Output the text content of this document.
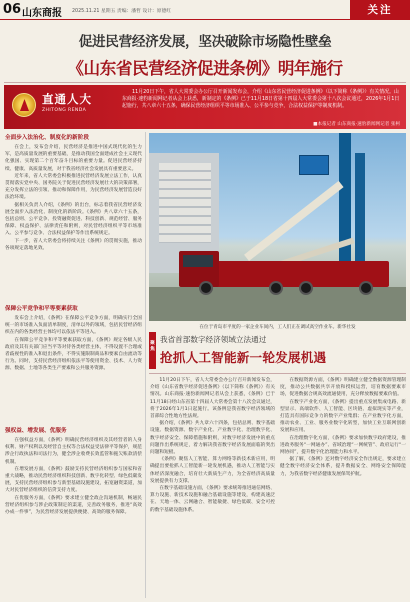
06 山东商报 2025.11.21 星期五 责编：潘哲 设计：原德红	关注
促进民营经济发展，坚决破除市场隐性壁垒
《山东省民营经济促进条例》明年施行
直通人大
ZHITONG RENDA
11月20日下午，省人大常委会办公厅召开新闻发布会，介绍《山东省民营经济促进条例》（以下简称《条例》）有关情况。山东商报·速豹新闻网记者从会上获悉，新制定的《条例》已于11月18日省第十四届人大常委会第十八次会议通过，2026年1月1日起施行，共八章六十五条，确保民营经济组织平等市场准入、公平参与竞争，合法权益保护等制度机制。
■本报记者 山东商报·速豹新闻网记者 张柯
全面步入法治化、制度化的新阶段

在会上，发布会介绍，民营经济是推进中国式现代化的生力军，是高质量发展的重要基础，是推动我国全面建成社会主义现代化强国、实现第二个百年奋斗目标的重要力量。促进民营经济持续、健康、高质量发展，对于我省经济社会发展具有重要意义。

近年来，省人大常委会积极推进民营经济发展立法工作，认真贯彻落实党中央、国务院关于促进民营经济发展壮大的决策部署，充分发挥立法的引领、推动和保障作用，为民营经济发展营造良好法治环境。

据相关负责人介绍，《条例》的出台，标志着我省民营经济发展全面步入法治化、制度化的新阶段。《条例》共八章六十五条，包括总则、公平竞争、投资融资促进、科技创新、规范经营、服务保障、权益保护、法律责任和附则，对民营经济组织平等市场准入、公平参与竞争、合法权益保护等作出系统规定。

下一步，省人大常委会将持续关注《条例》的贯彻实施，推动各项规定落地见效。

保障公平竞争和平等要素获取

发布会上介绍，《条例》在保障公平竞争方面，明确实行全国统一的市场准入负面清单制度，清单以外的领域，包括民营经济组织在内的各类经营主体均可以依法平等进入。

在保障公平竞争和平等要素获取方面，《条例》规定各级人民政府及其有关部门应当平等对待各类经营主体，不得设置不合理或者歧视性的准入和退出条件，不得实施限制商品和要素自由流动等行为。同时，支持民营经济组织依法平等使用资金、技术、人力资源、数据、土地等各类生产要素和公共服务资源。

强权益、增发展、优服务

在强权益方面，《条例》明确民营经济组织及其经营者的人身权利、财产权利以及经营自主权等合法权益受法律平等保护，规范涉企行政执法和司法行为，健全涉企收费长效监管和拖欠账款清偿机制。

在增发展方面，《条例》鼓励支持民营经济组织参与国家和省重大战略，推动民营经济组织科技创新、数字化转型、绿色低碳发展，支持民营经济组织参与新型基础设施建设，拓宽融资渠道，加大对民营经济组织的信贷支持力度。

在优服务方面，《条例》要求建立健全政企沟通机制，畅通民营经济组织参与涉企政策制定的渠道，完善政务服务，推进“高效办成一件事”，为民营经济发展提供便捷、高效的服务保障。

在位于青岛市平度的一家企业车间内，工人们正在调试高空作业车。新华社发
聚焦
我省首部数字经济领域立法通过
抢抓人工智能新一轮发展机遇

11月20日下午，省人大常委会办公厅召开新闻发布会，介绍《山东省数字经济促进条例》（以下简称《条例》）有关情况。山东商报·速豹新闻网记者从会上获悉，《条例》已于11月18日经山东省第十四届人大常委会第十八次会议通过，将于2026年1月1日起施行。该条例是我省数字经济领域的首部综合性地方性法规。

据介绍，《条例》共九章六十四条，包括总则、数字基础设施、数据资源、数字产业化、产业数字化、治理数字化、数字经济安全、保障措施和附则，对数字经济发展中的重点问题作出系统规定，着力解决我省数字经济发展面临的突出问题和短板。

《条例》聚焦人工智能、算力网络等新技术新应用，明确提出要抢抓人工智能新一轮发展机遇，推动人工智能与实体经济深度融合，培育壮大新质生产力，为全省经济高质量发展提供有力支撑。

在数字基础设施方面，《条例》要求统筹推进通信网络、算力设施、新技术设施和融合基础设施等建设，构建高速泛在、天地一体、云网融合、智能敏捷、绿色低碳、安全可控的数字基础设施体系。

在数据资源方面，《条例》明确建立健全数据资源管理制度，推动公共数据共享开放和授权运营，培育数据要素市场，促进数据合规高效流通使用，充分释放数据要素价值。

在数字产业化方面，《条例》提出重点发展集成电路、新型显示、高端软件、人工智能、区块链、虚拟现实等产业，打造具有国际竞争力的数字产业集群；在产业数字化方面，推动农业、工业、服务业数字化转型，加快工业互联网创新发展和应用。

在治理数字化方面，《条例》要求加快数字政府建设，推进政务服务“一网通办”、省域治理“一网统管”、政府运行“一网协同”，提升数字化治理能力和水平。

据了解，《条例》还对数字经济安全作出规定，要求建立健全数字经济安全体系，提升数据安全、网络安全保障能力，为我省数字经济健康发展保驾护航。
